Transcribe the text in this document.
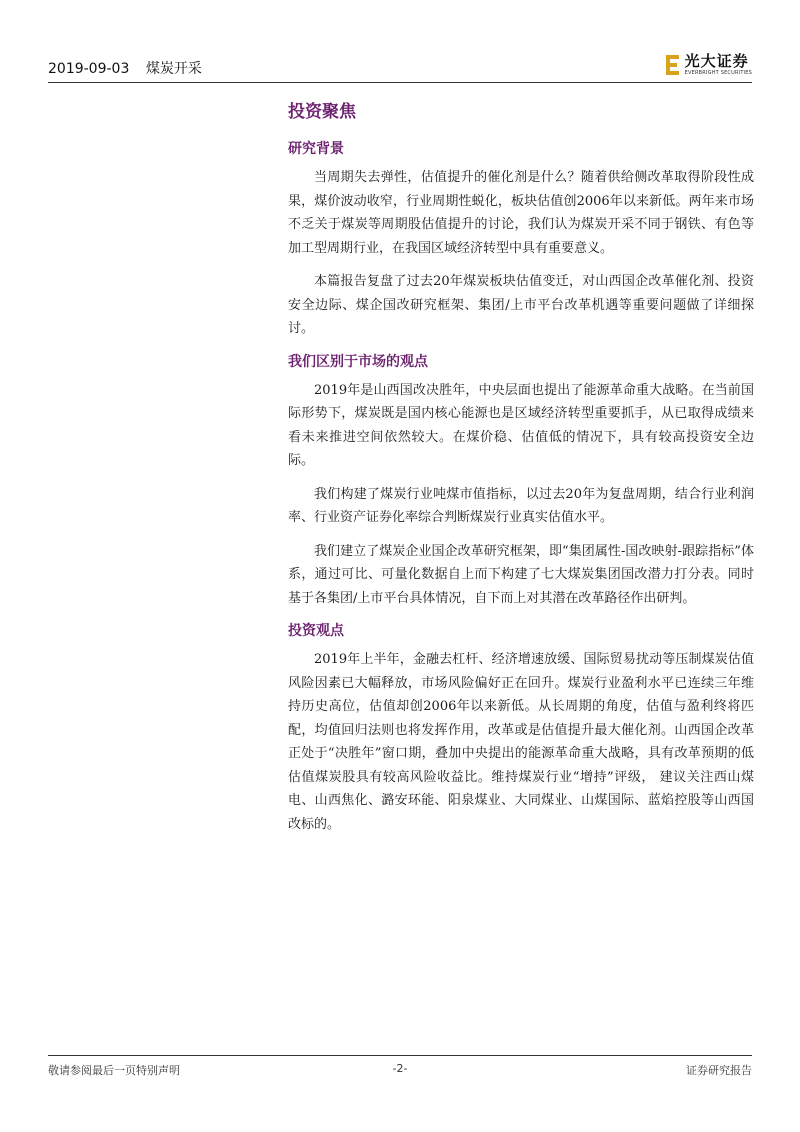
2019-09-03 煤炭开采	光大证券
EVERBRIGHT SECURITIES
投资聚焦
研究背景

当周期失去弹性，估值提升的催化剂是什么？随着供给侧改革取得阶段性成果，煤价波动收窄，行业周期性蜕化，板块估值创2006年以来新低。两年来市场不乏关于煤炭等周期股估值提升的讨论，我们认为煤炭开采不同于钢铁、有色等加工型周期行业，在我国区域经济转型中具有重要意义。

本篇报告复盘了过去20年煤炭板块估值变迁，对山西国企改革催化剂、投资安全边际、煤企国改研究框架、集团/上市平台改革机遇等重要问题做了详细探讨。

我们区别于市场的观点

2019年是山西国改决胜年，中央层面也提出了能源革命重大战略。在当前国际形势下，煤炭既是国内核心能源也是区域经济转型重要抓手，从已取得成绩来看未来推进空间依然较大。在煤价稳、估值低的情况下，具有较高投资安全边际。

我们构建了煤炭行业吨煤市值指标，以过去20年为复盘周期，结合行业利润率、行业资产证券化率综合判断煤炭行业真实估值水平。

我们建立了煤炭企业国企改革研究框架，即“集团属性-国改映射-跟踪指标”体系，通过可比、可量化数据自上而下构建了七大煤炭集团国改潜力打分表。同时基于各集团/上市平台具体情况，自下而上对其潜在改革路径作出研判。

投资观点

2019年上半年，金融去杠杆、经济增速放缓、国际贸易扰动等压制煤炭估值风险因素已大幅释放，市场风险偏好正在回升。煤炭行业盈利水平已连续三年维持历史高位，估值却创2006年以来新低。从长周期的角度，估值与盈利终将匹配，均值回归法则也将发挥作用，改革或是估值提升最大催化剂。山西国企改革正处于“决胜年”窗口期，叠加中央提出的能源革命重大战略，具有改革预期的低估值煤炭股具有较高风险收益比。维持煤炭行业“增持”评级， 建议关注西山煤电、山西焦化、潞安环能、阳泉煤业、大同煤业、山煤国际、蓝焰控股等山西国改标的。

敬请参阅最后一页特别声明	-2-	证券研究报告
